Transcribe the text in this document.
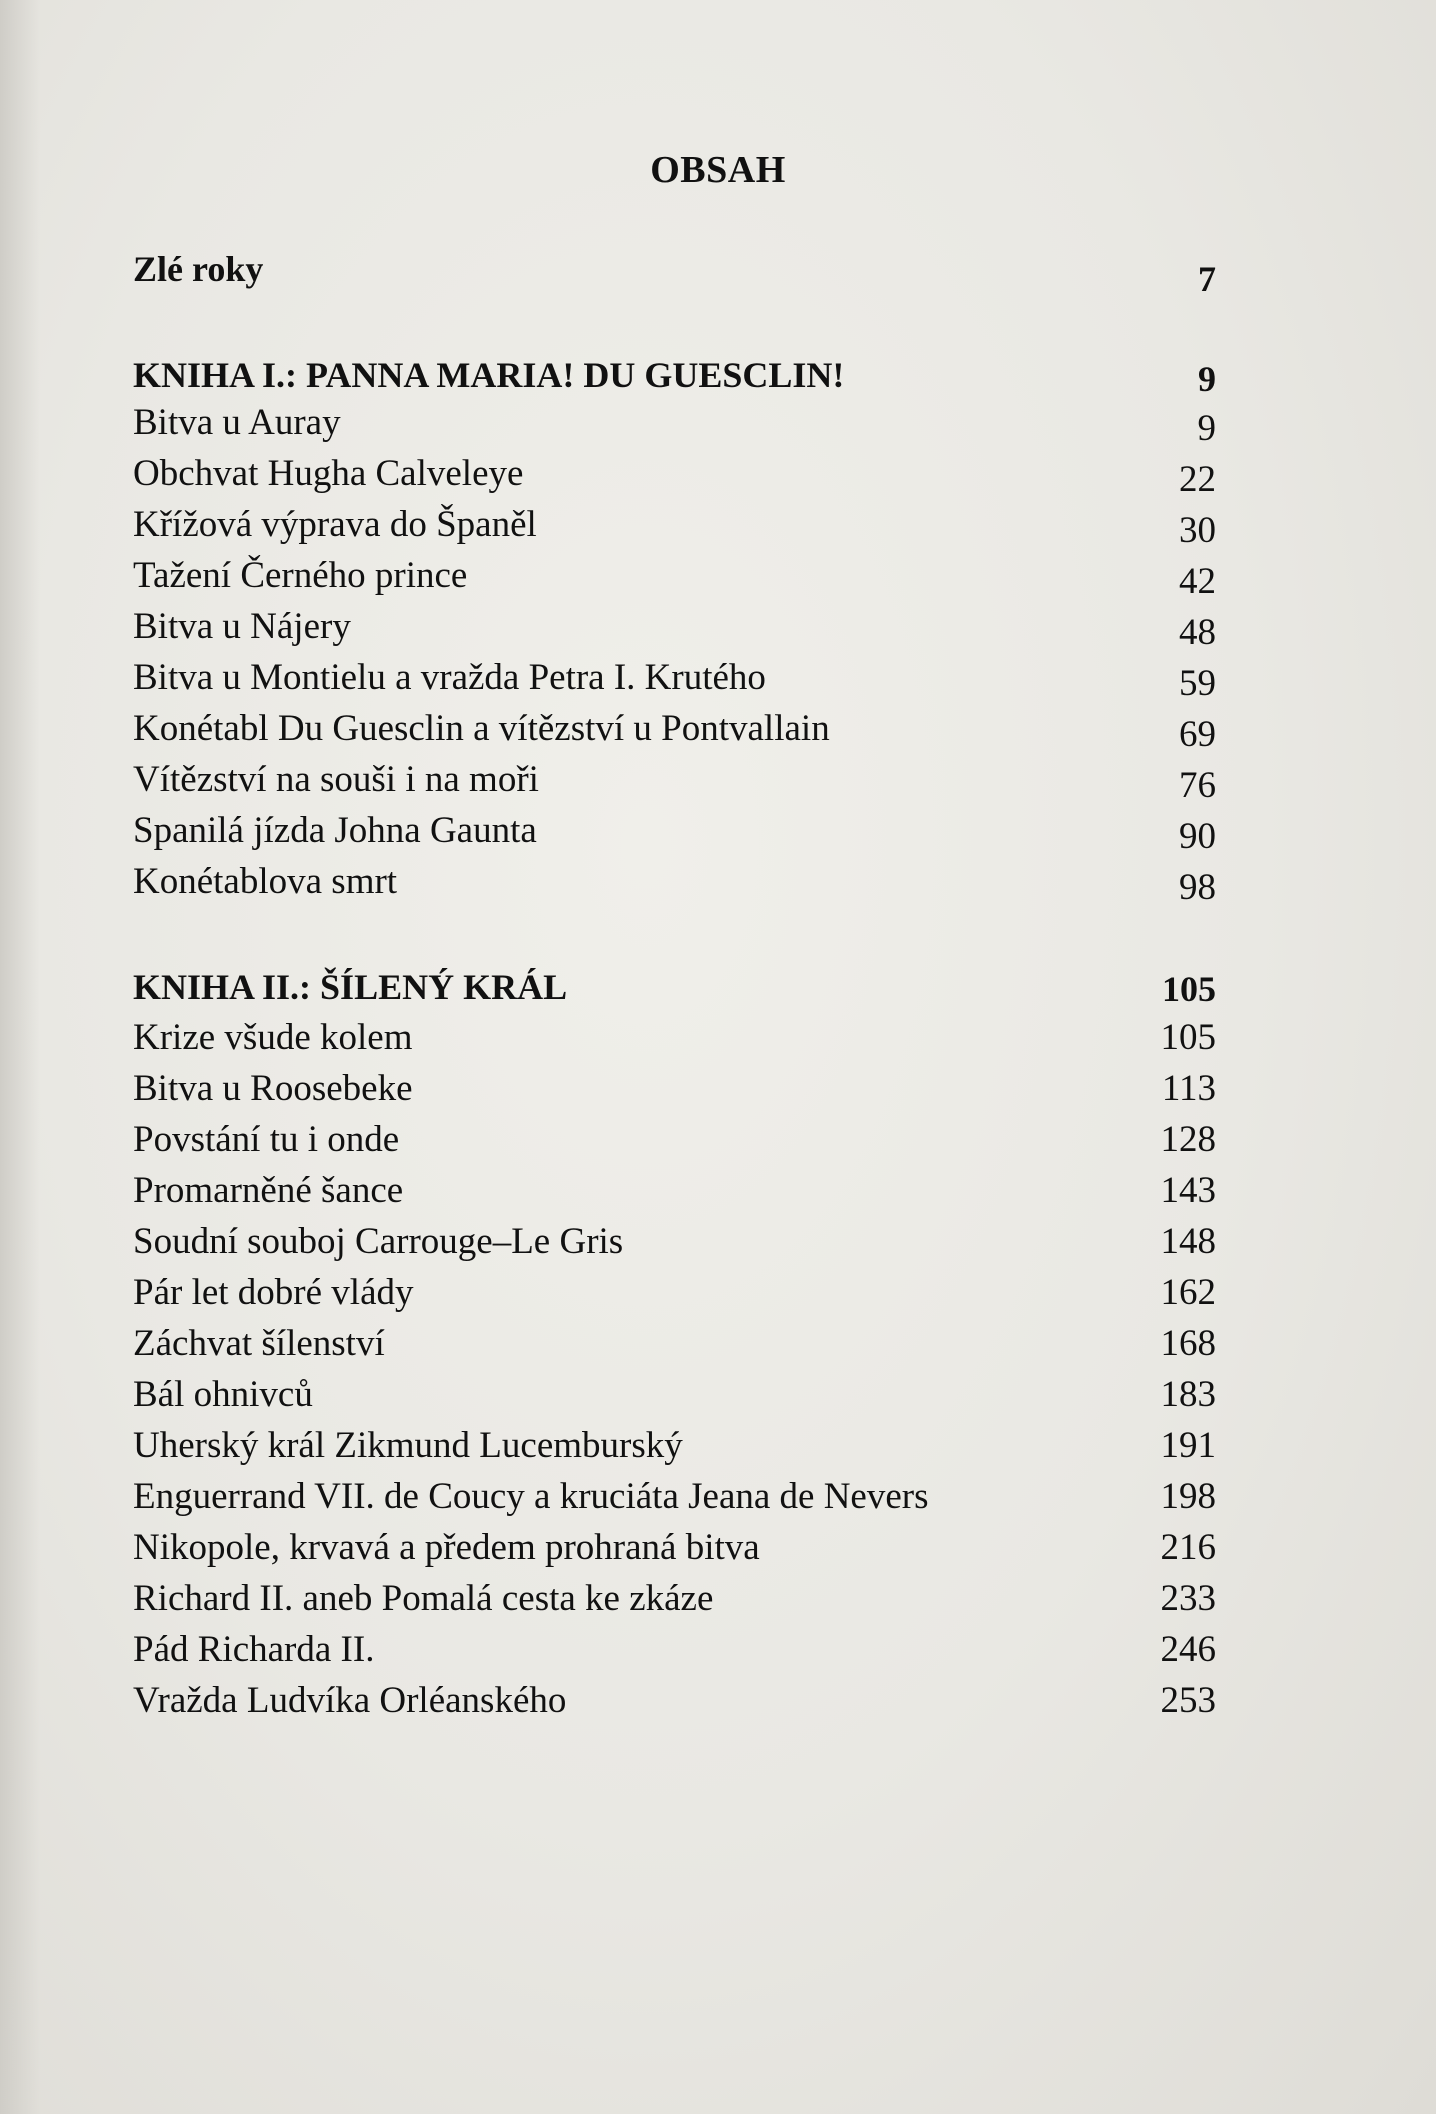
OBSAH
Zlé roky	7
KNIHA I.: PANNA MARIA! DU GUESCLIN!	9
Bitva u Auray	9
Obchvat Hugha Calveleye	22
Křížová výprava do Španěl	30
Tažení Černého prince	42
Bitva u Nájery	48
Bitva u Montielu a vražda Petra I. Krutého	59
Konétabl Du Guesclin a vítězství u Pontvallain	69
Vítězství na souši i na moři	76
Spanilá jízda Johna Gaunta	90
Konétablova smrt	98
KNIHA II.: ŠÍLENÝ KRÁL	105
Krize všude kolem	105
Bitva u Roosebeke	113
Povstání tu i onde	128
Promarněné šance	143
Soudní souboj Carrouge–Le Gris	148
Pár let dobré vlády	162
Záchvat šílenství	168
Bál ohnivců	183
Uherský král Zikmund Lucemburský	191
Enguerrand VII. de Coucy a kruciáta Jeana de Nevers	198
Nikopole, krvavá a předem prohraná bitva	216
Richard II. aneb Pomalá cesta ke zkáze	233
Pád Richarda II.	246
Vražda Ludvíka Orléanského	253
